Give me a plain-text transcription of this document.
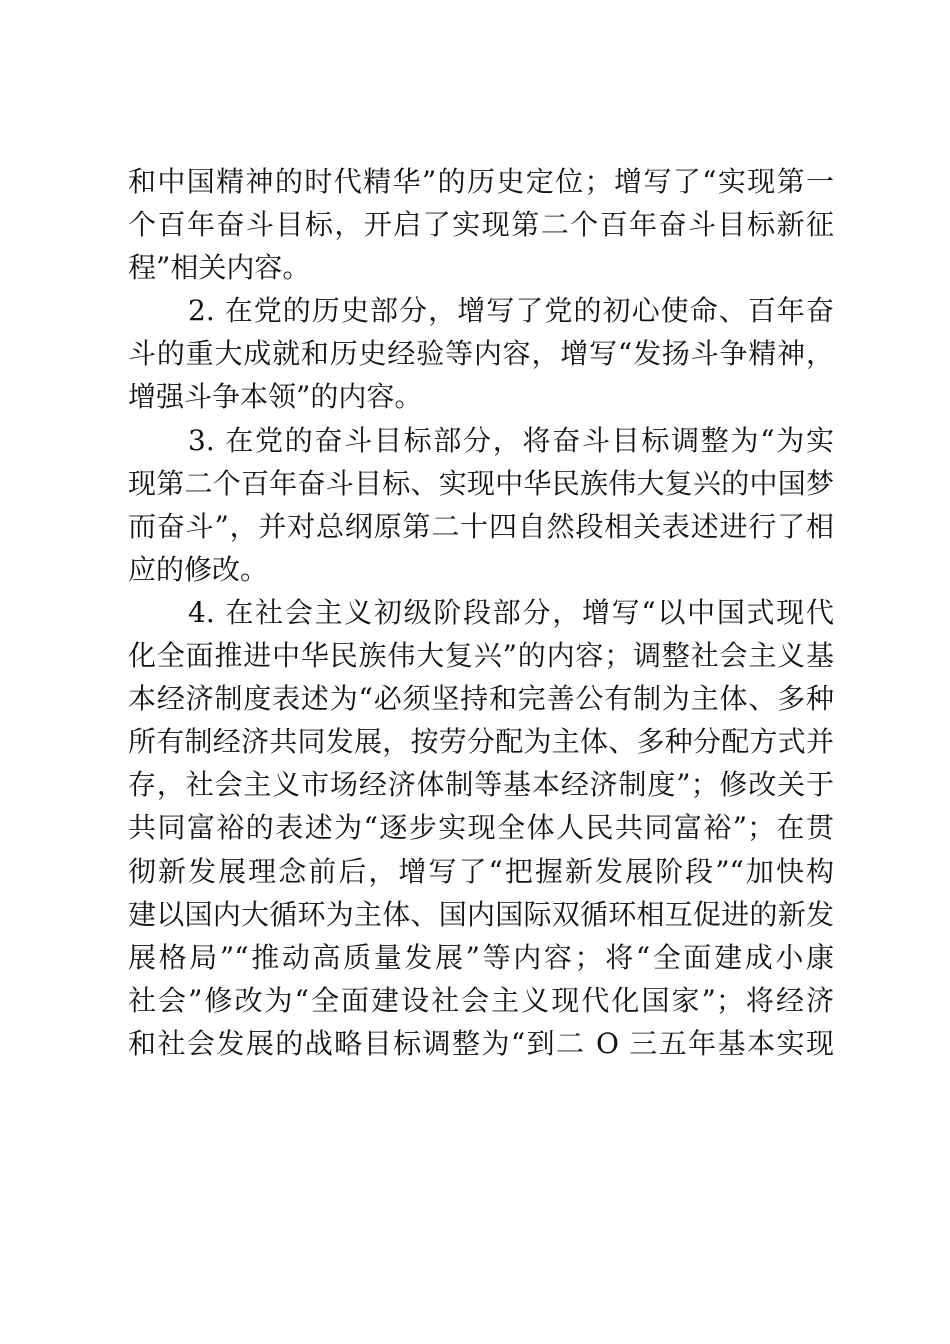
和中国精神的时代精华”的历史定位；增写了“实现第一
个百年奋斗目标，开启了实现第二个百年奋斗目标新征
程”相关内容。
2. 在党的历史部分，增写了党的初心使命、百年奋
斗的重大成就和历史经验等内容，增写“发扬斗争精神，
增强斗争本领”的内容。
3. 在党的奋斗目标部分，将奋斗目标调整为“为实
现第二个百年奋斗目标、实现中华民族伟大复兴的中国梦
而奋斗”，并对总纲原第二十四自然段相关表述进行了相
应的修改。
4. 在社会主义初级阶段部分，增写“以中国式现代
化全面推进中华民族伟大复兴”的内容；调整社会主义基
本经济制度表述为“必须坚持和完善公有制为主体、多种
所有制经济共同发展，按劳分配为主体、多种分配方式并
存，社会主义市场经济体制等基本经济制度”；修改关于
共同富裕的表述为“逐步实现全体人民共同富裕”；在贯
彻新发展理念前后，增写了“把握新发展阶段”“加快构
建以国内大循环为主体、国内国际双循环相互促进的新发
展格局”“推动高质量发展”等内容；将“全面建成小康
社会”修改为“全面建设社会主义现代化国家”；将经济
和社会发展的战略目标调整为“到二 O 三五年基本实现
